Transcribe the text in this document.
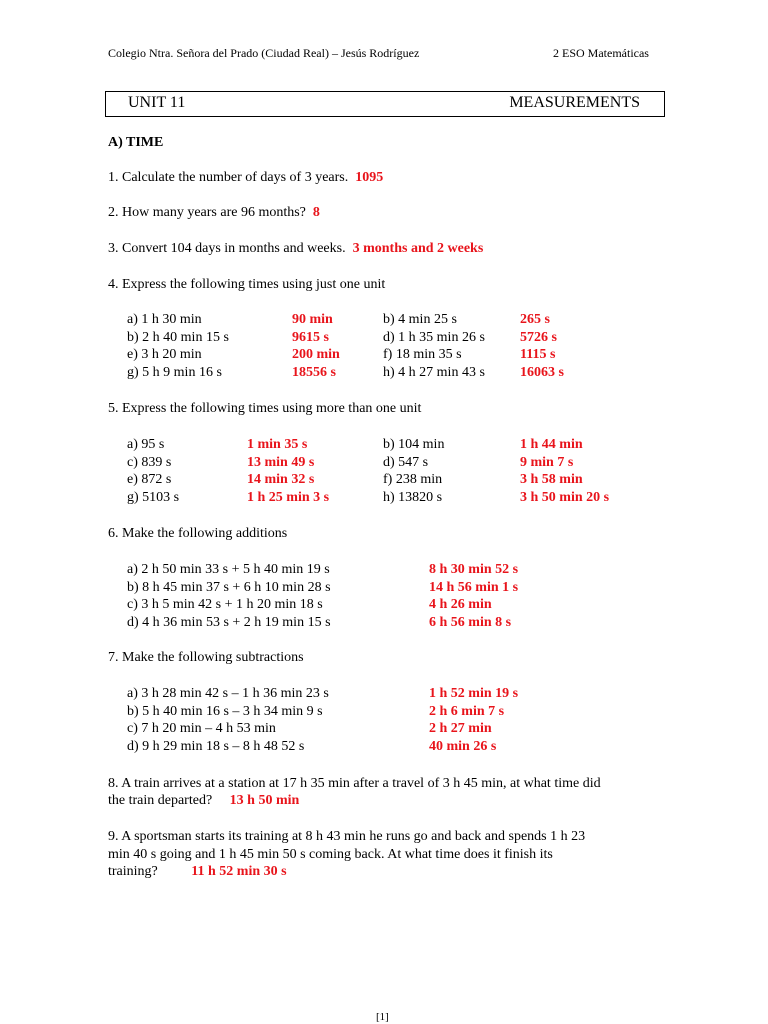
Colegio Ntra. Señora del Prado (Ciudad Real) – Jesús Rodríguez	2 ESO Matemáticas
UNIT 11	MEASUREMENTS
A) TIME
1. Calculate the number of days of 3 years. 1095
2. How many years are 96 months? 8
3. Convert 104 days in months and weeks. 3 months and 2 weeks
4. Express the following times using just one unit
a) 1 h 30 min	90 min	b) 4 min 25 s	265 s
b) 2 h 40 min 15 s	9615 s	d) 1 h 35 min 26 s	5726 s
e) 3 h 20 min	200 min	f) 18 min 35 s	1115 s
g) 5 h 9 min 16 s	18556 s	h) 4 h 27 min 43 s	16063 s
5. Express the following times using more than one unit
a) 95 s	1 min 35 s	b) 104 min	1 h 44 min
c) 839 s	13 min 49 s	d) 547 s	9 min 7 s
e) 872 s	14 min 32 s	f) 238 min	3 h 58 min
g) 5103 s	1 h 25 min 3 s	h) 13820 s	3 h 50 min 20 s
6. Make the following additions
a) 2 h 50 min 33 s + 5 h 40 min 19 s	8 h 30 min 52 s
b) 8 h 45 min 37 s + 6 h 10 min 28 s	14 h 56 min 1 s
c) 3 h 5 min 42 s + 1 h 20 min 18 s	4 h 26 min
d) 4 h 36 min 53 s + 2 h 19 min 15 s	6 h 56 min 8 s
7. Make the following subtractions
a) 3 h 28 min 42 s – 1 h 36 min 23 s	1 h 52 min 19 s
b) 5 h 40 min 16 s – 3 h 34 min 9 s	2 h 6 min 7 s
c) 7 h 20 min – 4 h 53 min	2 h 27 min
d) 9 h 29 min 18 s – 8 h 48 52 s	40 min 26 s
8. A train arrives at a station at 17 h 35 min after a travel of 3 h 45 min, at what time did
the train departed? 13 h 50 min
9. A sportsman starts its training at 8 h 43 min he runs go and back and spends 1 h 23
min 40 s going and 1 h 45 min 50 s coming back. At what time does it finish its
training? 11 h 52 min 30 s
[1]
